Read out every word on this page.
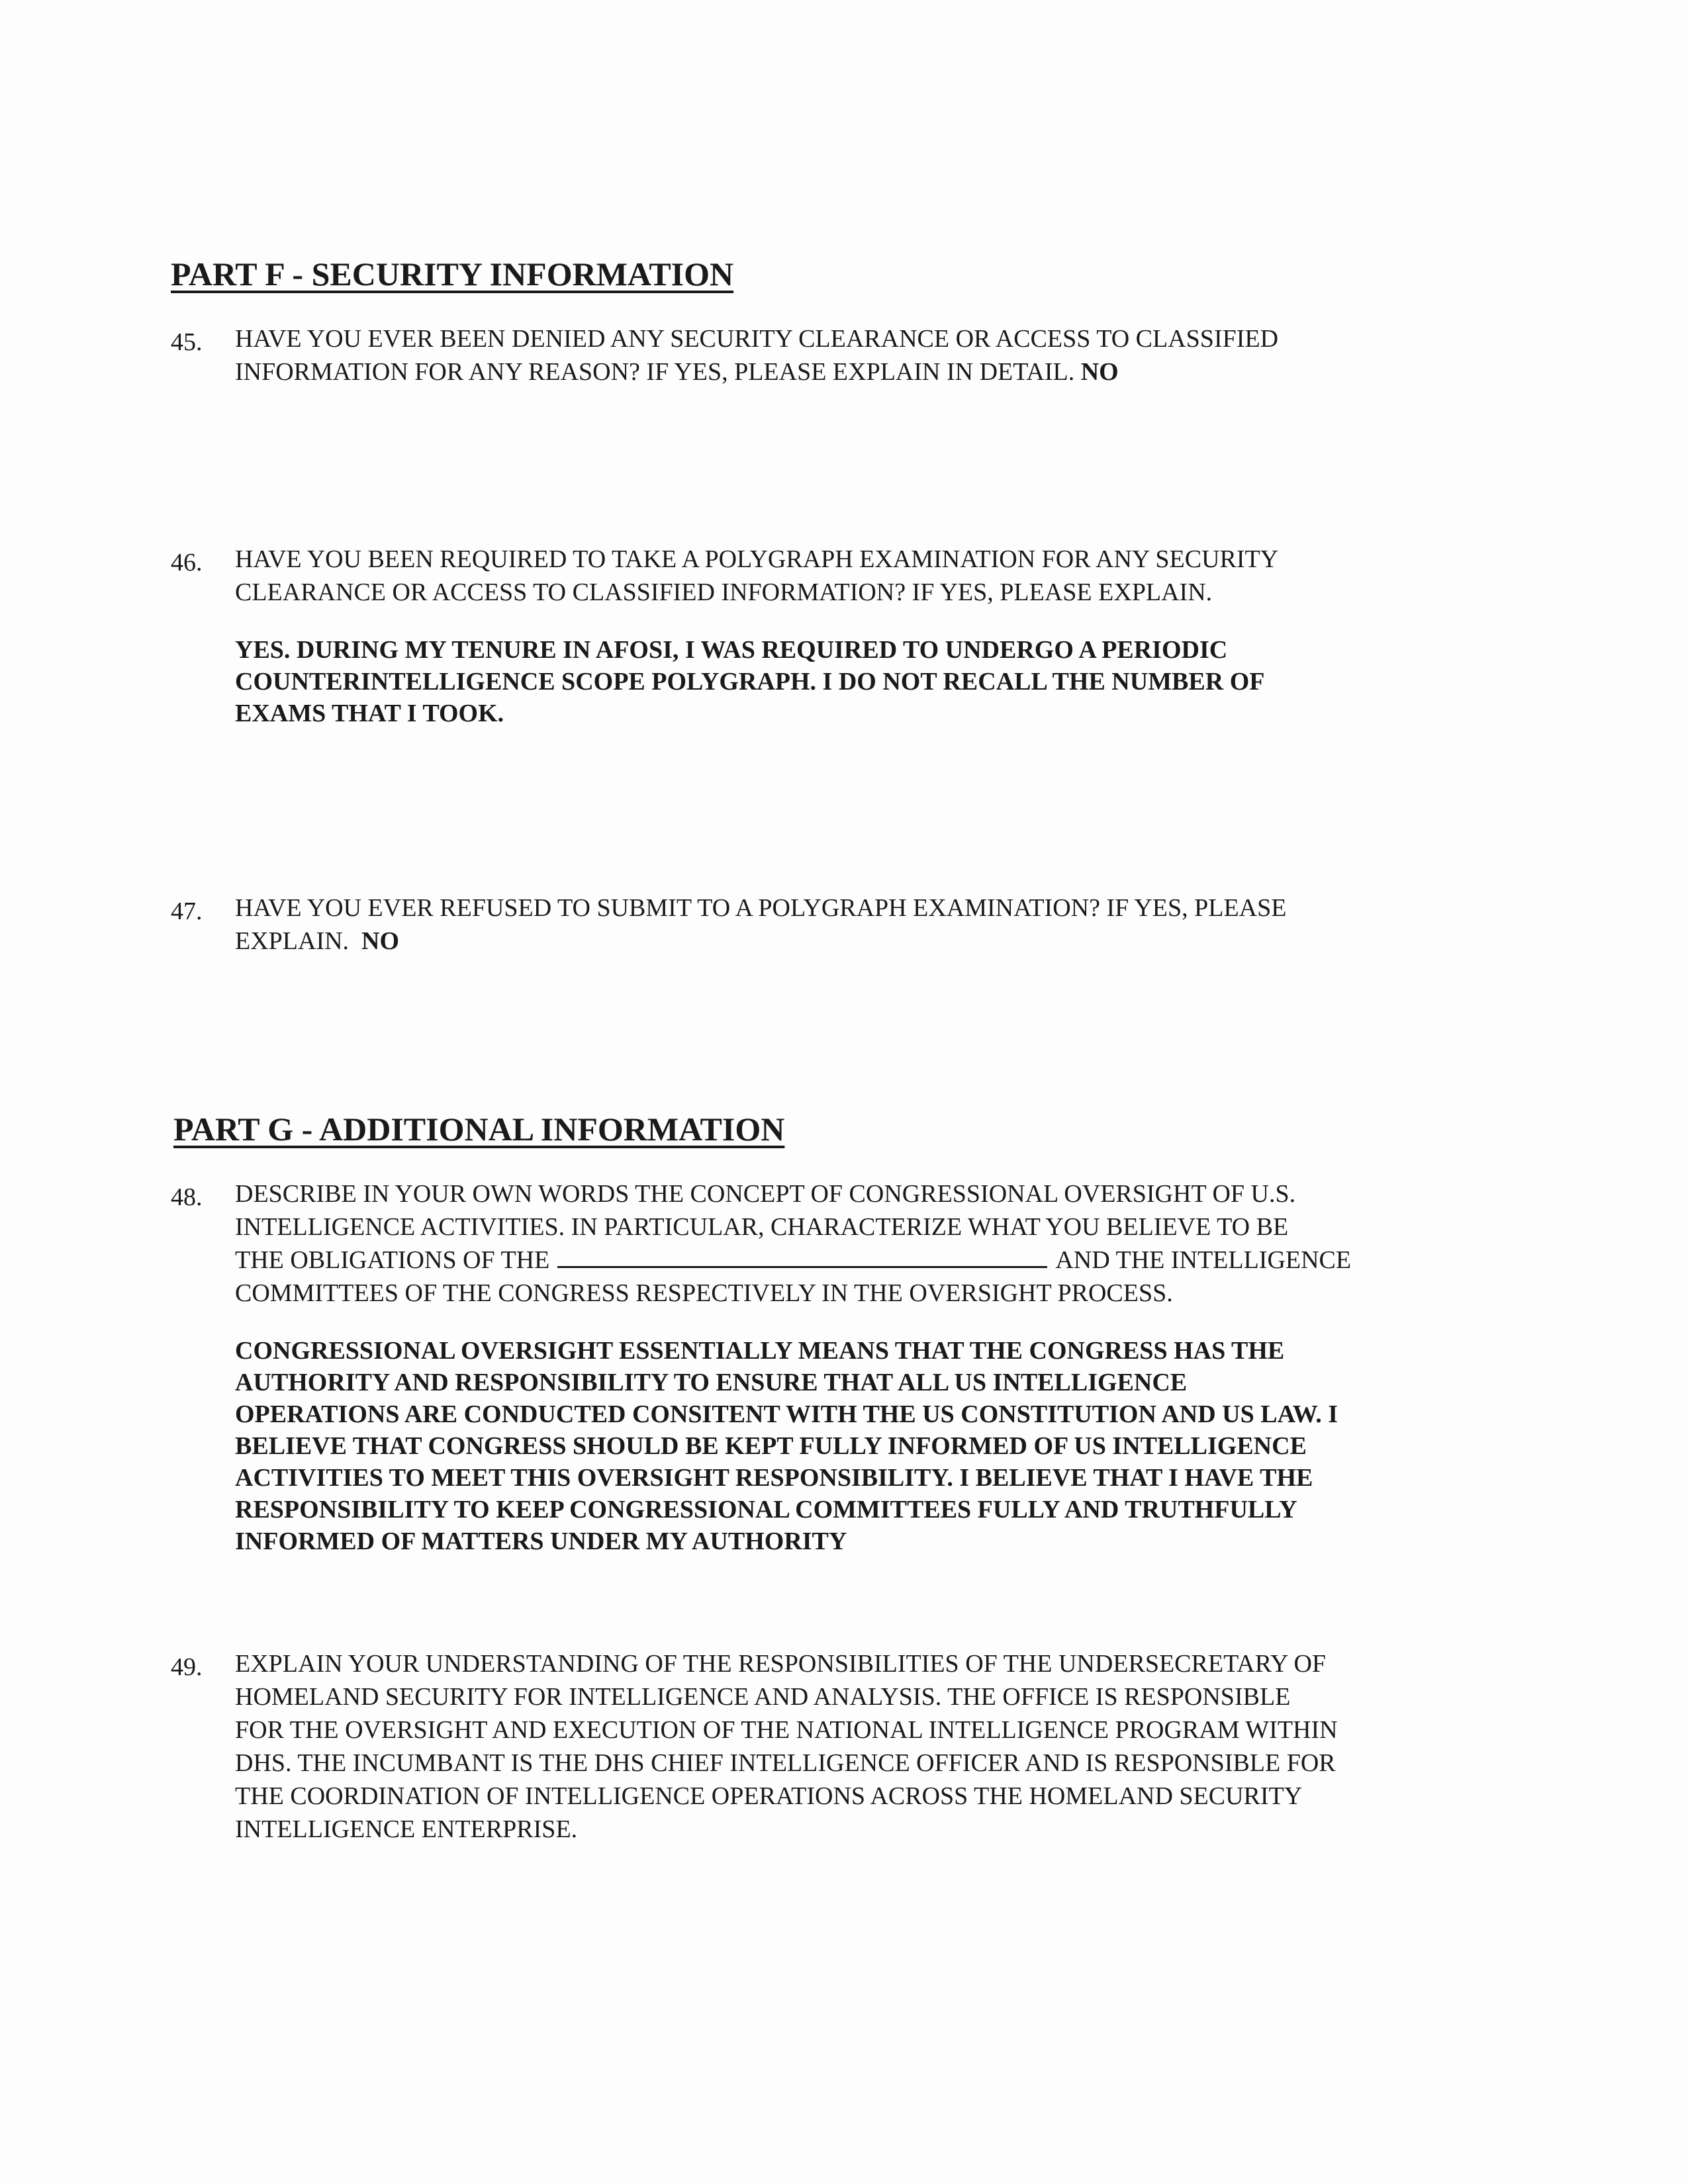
PART F - SECURITY INFORMATION
45. HAVE YOU EVER BEEN DENIED ANY SECURITY CLEARANCE OR ACCESS TO CLASSIFIED
INFORMATION FOR ANY REASON? IF YES, PLEASE EXPLAIN IN DETAIL. NO
46. HAVE YOU BEEN REQUIRED TO TAKE A POLYGRAPH EXAMINATION FOR ANY SECURITY
CLEARANCE OR ACCESS TO CLASSIFIED INFORMATION? IF YES, PLEASE EXPLAIN.
YES. DURING MY TENURE IN AFOSI, I WAS REQUIRED TO UNDERGO A PERIODIC
COUNTERINTELLIGENCE SCOPE POLYGRAPH. I DO NOT RECALL THE NUMBER OF
EXAMS THAT I TOOK.
47. HAVE YOU EVER REFUSED TO SUBMIT TO A POLYGRAPH EXAMINATION? IF YES, PLEASE
EXPLAIN. NO
PART G - ADDITIONAL INFORMATION
48. DESCRIBE IN YOUR OWN WORDS THE CONCEPT OF CONGRESSIONAL OVERSIGHT OF U.S.
INTELLIGENCE ACTIVITIES. IN PARTICULAR, CHARACTERIZE WHAT YOU BELIEVE TO BE
THE OBLIGATIONS OF THE	AND THE INTELLIGENCE
COMMITTEES OF THE CONGRESS RESPECTIVELY IN THE OVERSIGHT PROCESS.
CONGRESSIONAL OVERSIGHT ESSENTIALLY MEANS THAT THE CONGRESS HAS THE
AUTHORITY AND RESPONSIBILITY TO ENSURE THAT ALL US INTELLIGENCE
OPERATIONS ARE CONDUCTED CONSITENT WITH THE US CONSTITUTION AND US LAW. I
BELIEVE THAT CONGRESS SHOULD BE KEPT FULLY INFORMED OF US INTELLIGENCE
ACTIVITIES TO MEET THIS OVERSIGHT RESPONSIBILITY. I BELIEVE THAT I HAVE THE
RESPONSIBILITY TO KEEP CONGRESSIONAL COMMITTEES FULLY AND TRUTHFULLY
INFORMED OF MATTERS UNDER MY AUTHORITY
49. EXPLAIN YOUR UNDERSTANDING OF THE RESPONSIBILITIES OF THE UNDERSECRETARY OF
HOMELAND SECURITY FOR INTELLIGENCE AND ANALYSIS. THE OFFICE IS RESPONSIBLE
FOR THE OVERSIGHT AND EXECUTION OF THE NATIONAL INTELLIGENCE PROGRAM WITHIN
DHS. THE INCUMBANT IS THE DHS CHIEF INTELLIGENCE OFFICER AND IS RESPONSIBLE FOR
THE COORDINATION OF INTELLIGENCE OPERATIONS ACROSS THE HOMELAND SECURITY
INTELLIGENCE ENTERPRISE.
